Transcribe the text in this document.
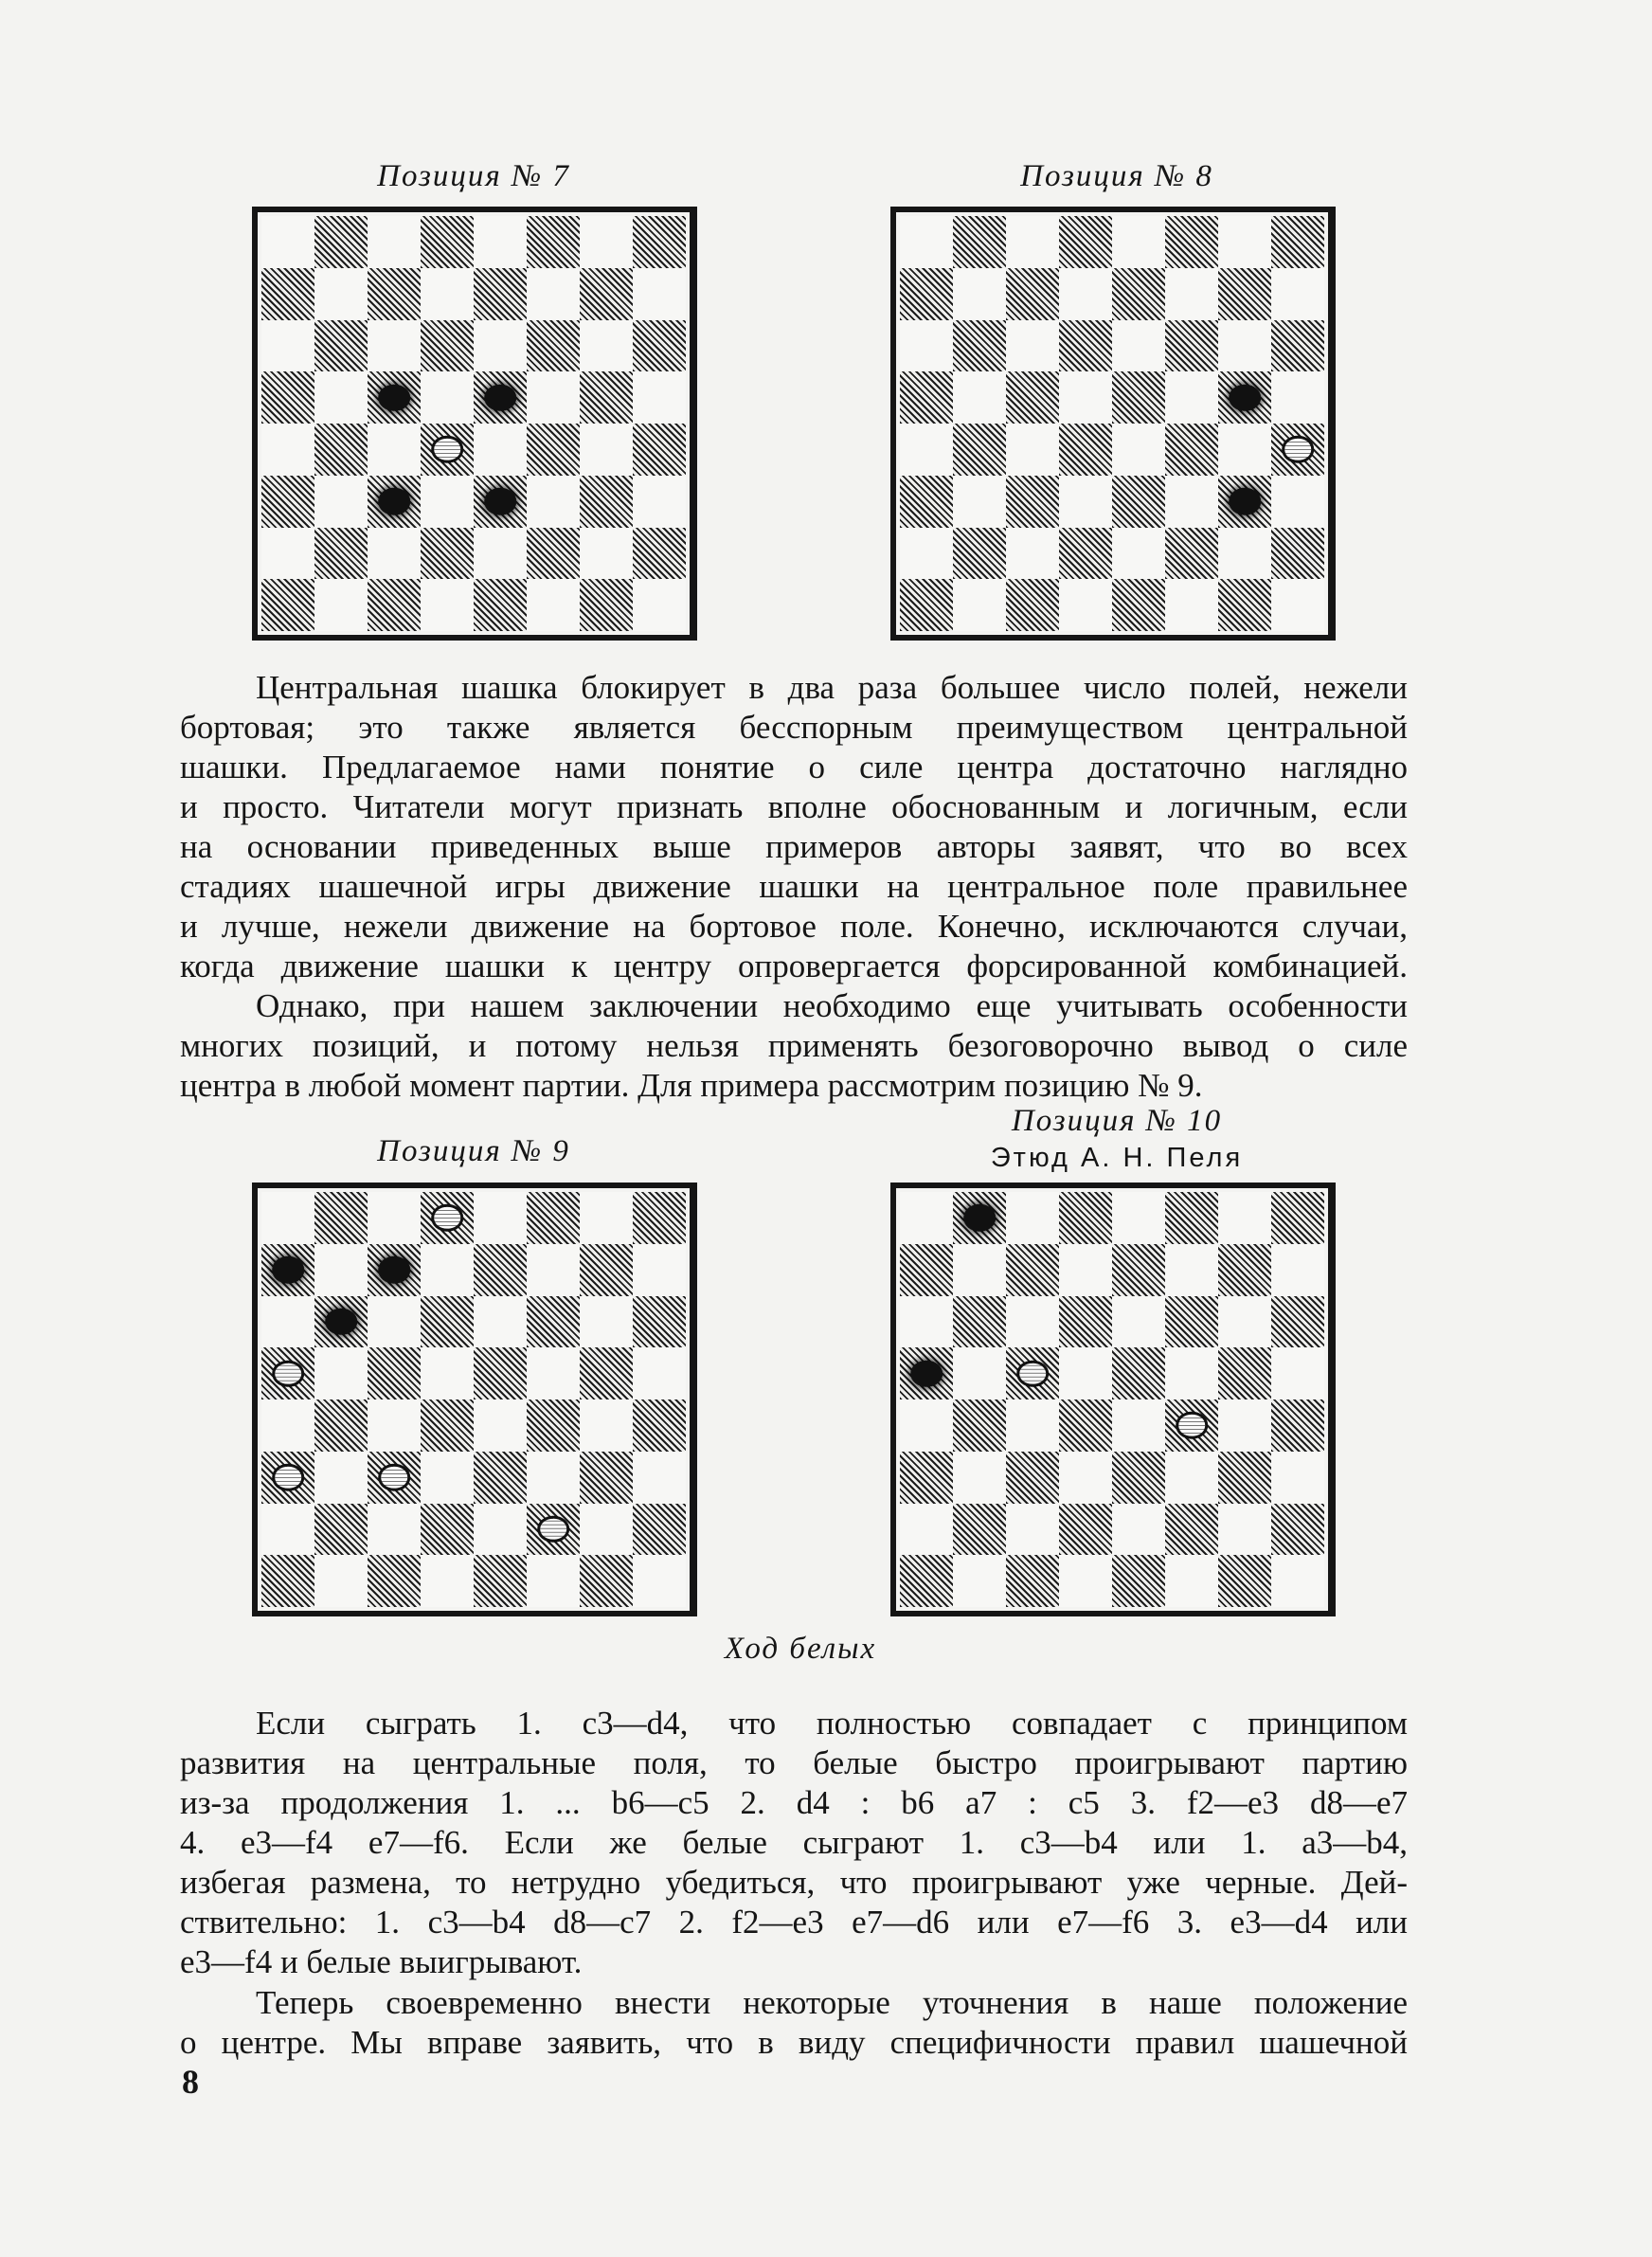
Позиция № 7	Позиция № 8
Центральная шашка блокирует в два раза большее число полей, нежели
бортовая; это также является бесспорным преимуществом центральной
шашки. Предлагаемое нами понятие о силе центра достаточно наглядно
и просто. Читатели могут признать вполне обоснованным и логичным, если
на основании приведенных выше примеров авторы заявят, что во всех
стадиях шашечной игры движение шашки на центральное поле правильнее
и лучше, нежели движение на бортовое поле. Конечно, исключаются случаи,
когда движение шашки к центру опровергается форсированной комбинацией.
Однако, при нашем заключении необходимо еще учитывать особенности
многих позиций, и потому нельзя применять безоговорочно вывод о силе
центра в любой момент партии. Для примера рассмотрим позицию № 9.
Позиция № 9
Позиция № 10
Этюд А. Н. Пеля
Ход белых
Если сыграть 1. c3—d4, что полностью совпадает с принципом
развития на центральные поля, то белые быстро проигрывают партию
из-за продолжения 1. ... b6—c5 2. d4 : b6 a7 : c5 3. f2—e3 d8—e7
4. e3—f4 e7—f6. Если же белые сыграют 1. c3—b4 или 1. a3—b4,
избегая размена, то нетрудно убедиться, что проигрывают уже черные. Дей-
ствительно: 1. c3—b4 d8—c7 2. f2—e3 e7—d6 или e7—f6 3. e3—d4 или
e3—f4 и белые выигрывают.
Теперь своевременно внести некоторые уточнения в наше положение
о центре. Мы вправе заявить, что в виду специфичности правил шашечной
8
